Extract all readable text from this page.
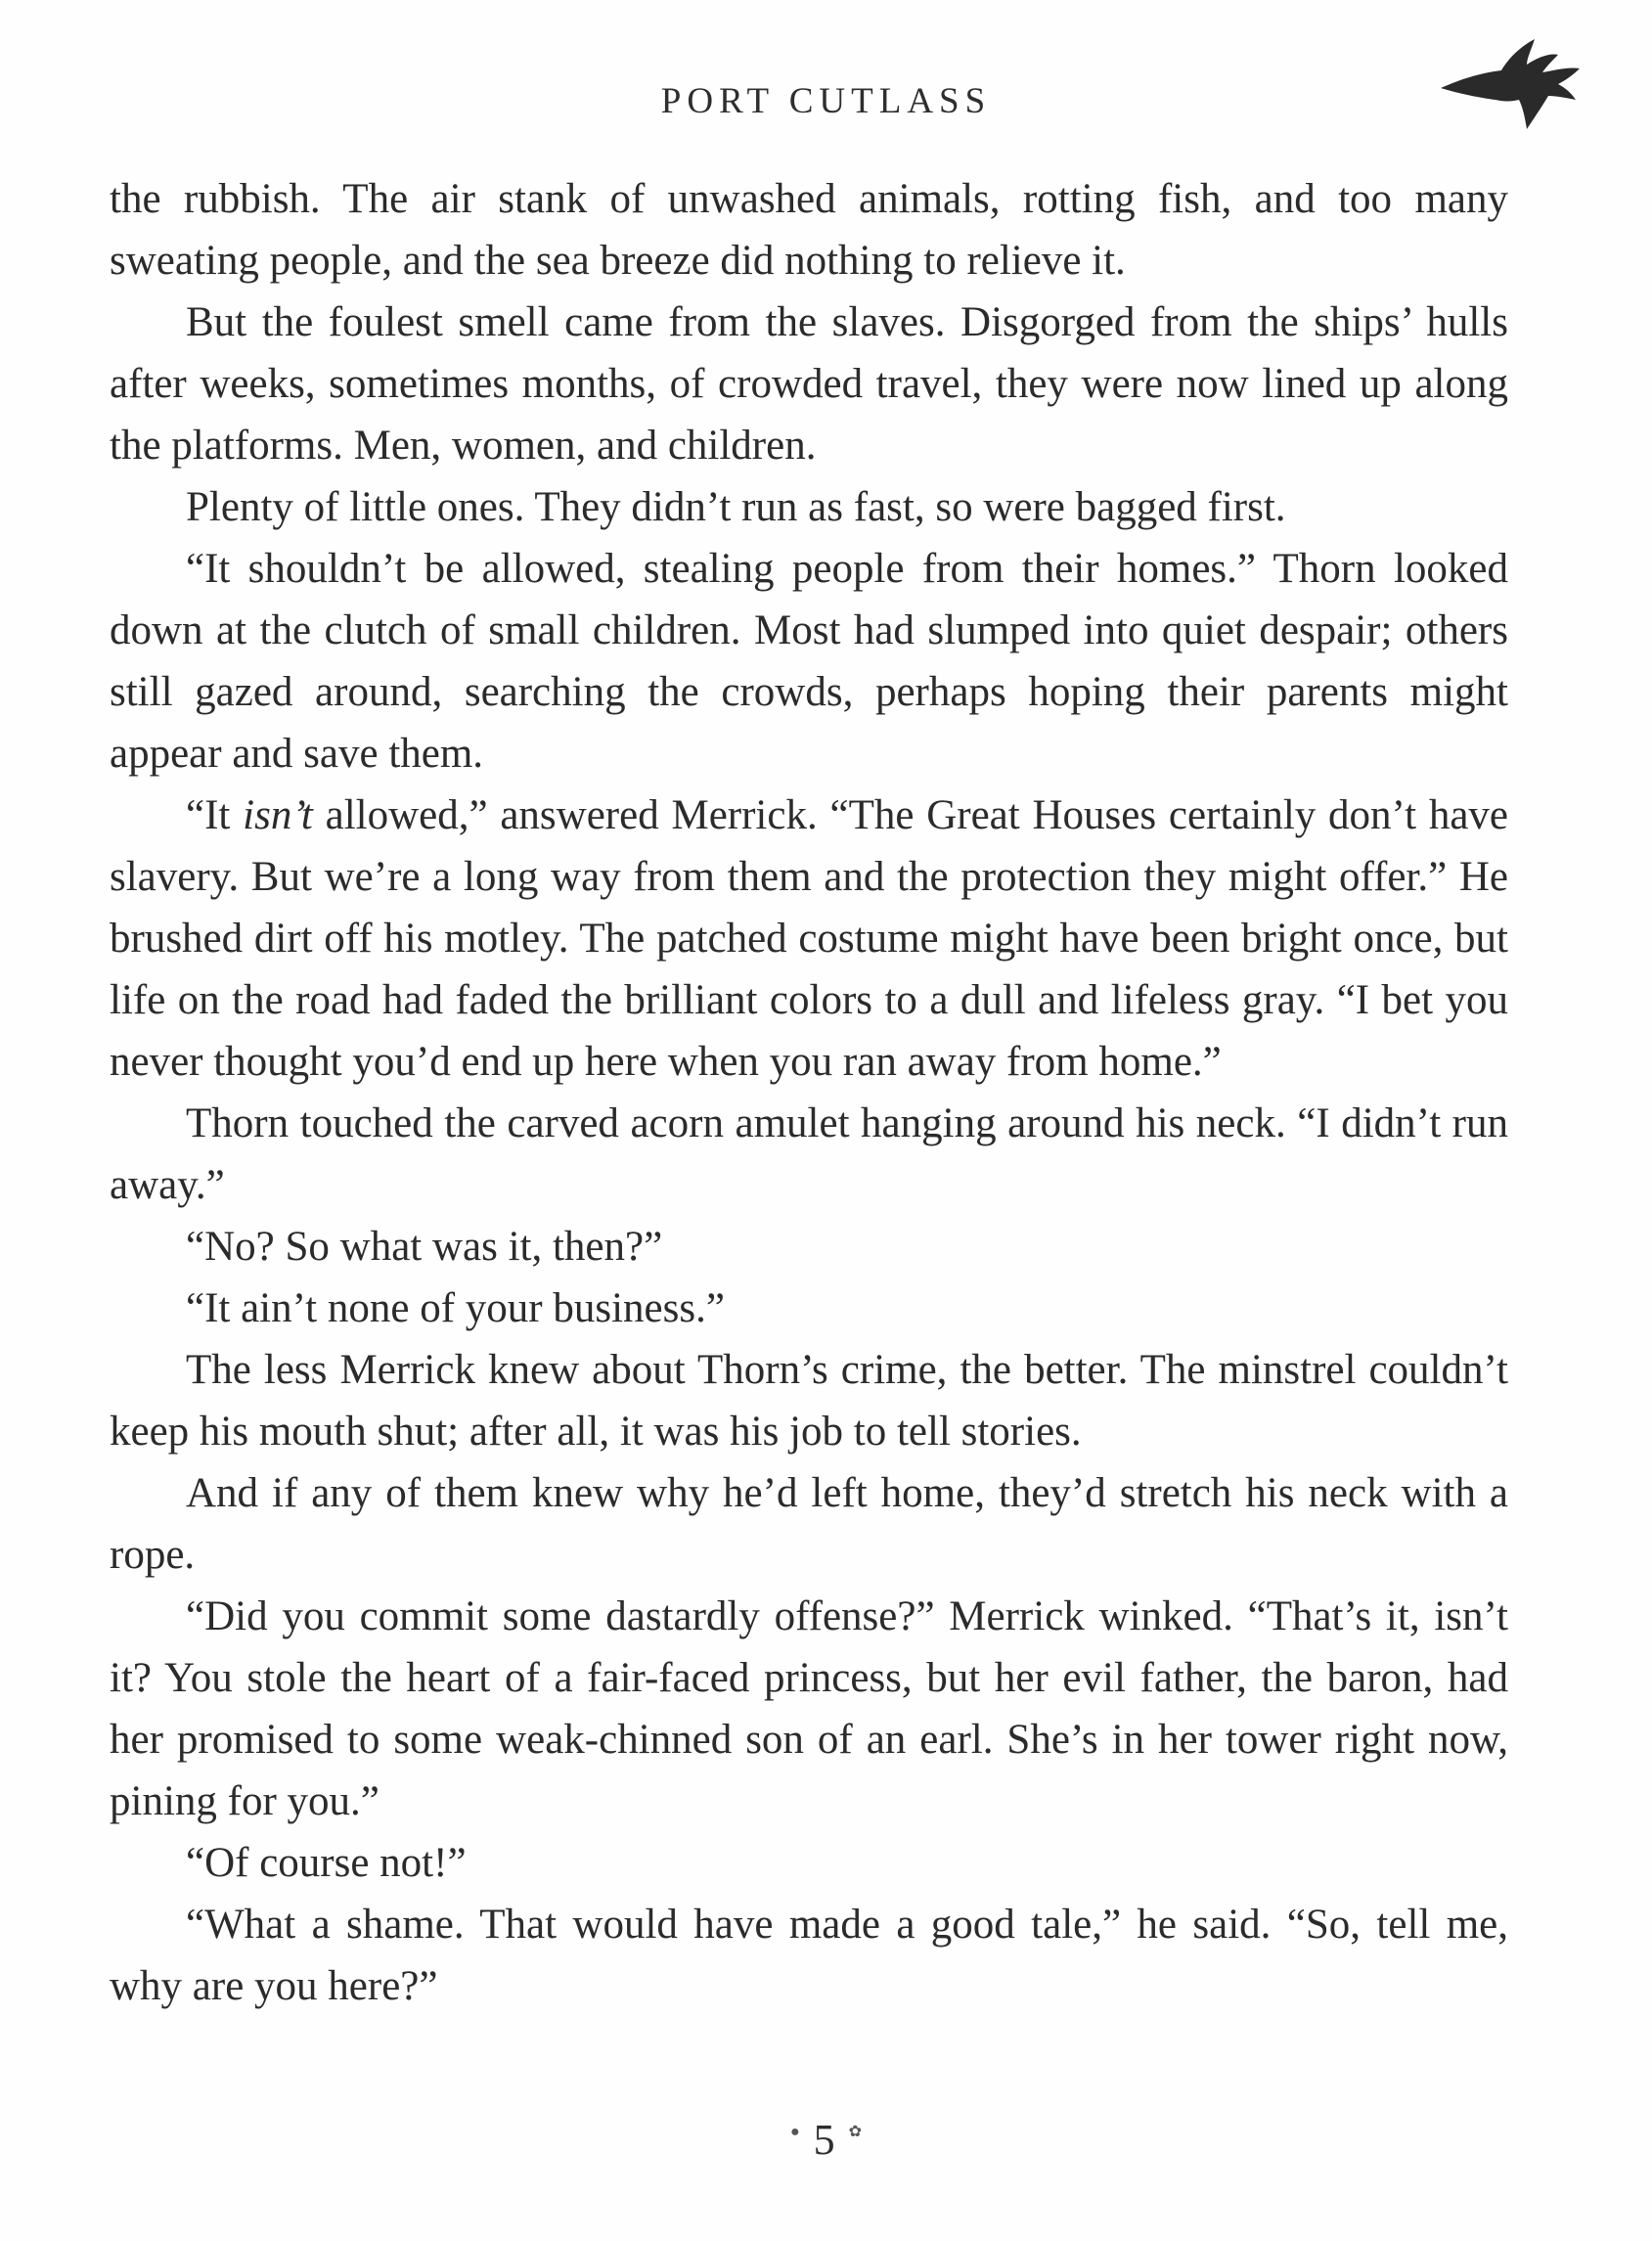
PORT CUTLASS

the rubbish. The air stank of unwashed animals, rotting fish, and too many sweating people, and the sea breeze did nothing to relieve it.

But the foulest smell came from the slaves. Disgorged from the ships’ hulls after weeks, sometimes months, of crowded travel, they were now lined up along the platforms. Men, women, and children.

Plenty of little ones. They didn’t run as fast, so were bagged first.

“It shouldn’t be allowed, stealing people from their homes.” Thorn looked down at the clutch of small children. Most had slumped into quiet despair; others still gazed around, searching the crowds, perhaps hoping their parents might appear and save them.

“It isn’t allowed,” answered Merrick. “The Great Houses certainly don’t have slavery. But we’re a long way from them and the protection they might offer.” He brushed dirt off his motley. The patched costume might have been bright once, but life on the road had faded the brilliant colors to a dull and lifeless gray. “I bet you never thought you’d end up here when you ran away from home.”

Thorn touched the carved acorn amulet hanging around his neck. “I didn’t run away.”

“No? So what was it, then?”

“It ain’t none of your business.”

The less Merrick knew about Thorn’s crime, the better. The minstrel couldn’t keep his mouth shut; after all, it was his job to tell stories.

And if any of them knew why he’d left home, they’d stretch his neck with a rope.

“Did you commit some dastardly offense?” Merrick winked. “That’s it, isn’t it? You stole the heart of a fair-faced princess, but her evil father, the baron, had her promised to some weak-chinned son of an earl. She’s in her tower right now, pining for you.”

“Of course not!”

“What a shame. That would have made a good tale,” he said. “So, tell me, why are you here?”

● 5 ✿
